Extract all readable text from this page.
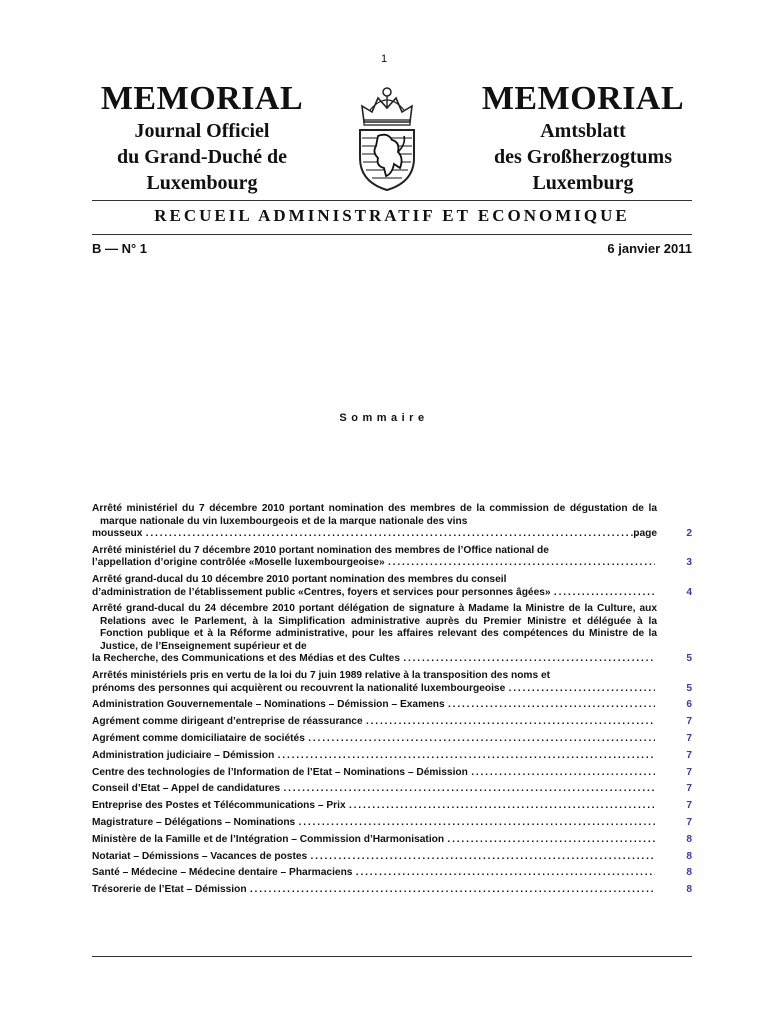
1
MEMORIAL
Journal Officiel
du Grand-Duché de
Luxembourg
MEMORIAL
Amtsblatt
des Großherzogtums
Luxemburg
RECUEIL ADMINISTRATIF ET ECONOMIQUE
B — N° 1	6 janvier 2011
Sommaire
Arrêté ministériel du 7 décembre 2010 portant nomination des membres de la commission de dégustation de la marque nationale du vin luxembourgeois et de la marque nationale des vins
mousseux . . .	page	2
Arrêté ministériel du 7 décembre 2010 portant nomination des membres de l’Office national de
l’appellation d’origine contrôlée «Moselle luxembourgeoise» . . .	3
Arrêté grand-ducal du 10 décembre 2010 portant nomination des membres du conseil
d’administration de l’établissement public «Centres, foyers et services pour personnes âgées» . . .	4
Arrêté grand-ducal du 24 décembre 2010 portant délégation de signature à Madame la Ministre de la Culture, aux Relations avec le Parlement, à la Simplification administrative auprès du Premier Ministre et déléguée à la Fonction publique et à la Réforme administrative, pour les affaires relevant des compétences du Ministre de la Justice, de l’Enseignement supérieur et de
la Recherche, des Communications et des Médias et des Cultes . . .	5
Arrêtés ministériels pris en vertu de la loi du 7 juin 1989 relative à la transposition des noms et
prénoms des personnes qui acquièrent ou recouvrent la nationalité luxembourgeoise . . .	5
Administration Gouvernementale – Nominations – Démission – Examens . . .	6
Agrément comme dirigeant d’entreprise de réassurance . . .	7
Agrément comme domiciliataire de sociétés . . .	7
Administration judiciaire – Démission . . .	7
Centre des technologies de l’Information de l’Etat – Nominations – Démission . . .	7
Conseil d’Etat – Appel de candidatures . . .	7
Entreprise des Postes et Télécommunications – Prix . . .	7
Magistrature – Délégations – Nominations . . .	7
Ministère de la Famille et de l’Intégration – Commission d’Harmonisation . . .	8
Notariat – Démissions – Vacances de postes . . .	8
Santé – Médecine – Médecine dentaire – Pharmaciens . . .	8
Trésorerie de l’Etat – Démission . . .	8
